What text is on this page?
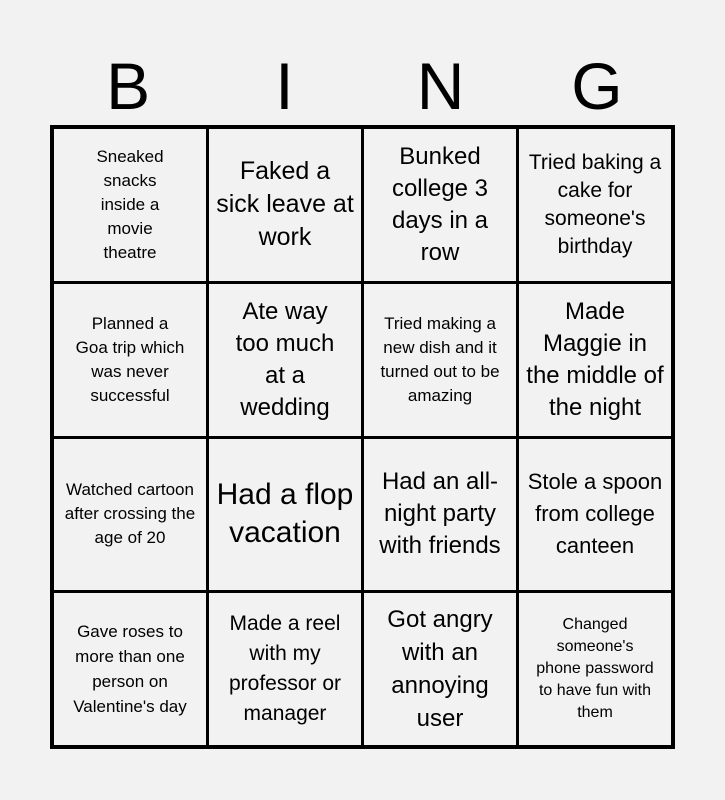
B	I	N	G
Sneaked snacks inside a movie theatre
Faked a sick leave at work
Bunked college 3 days in a row
Tried baking a cake for someone's birthday
Planned a Goa trip which was never successful
Ate way too much at a wedding
Tried making a new dish and it turned out to be amazing
Made Maggie in the middle of the night
Watched cartoon after crossing the age of 20
Had a flop vacation
Had an all-night party with friends
Stole a spoon from college canteen
Gave roses to more than one person on Valentine's day
Made a reel with my professor or manager
Got angry with an annoying user
Changed someone's phone password to have fun with them
